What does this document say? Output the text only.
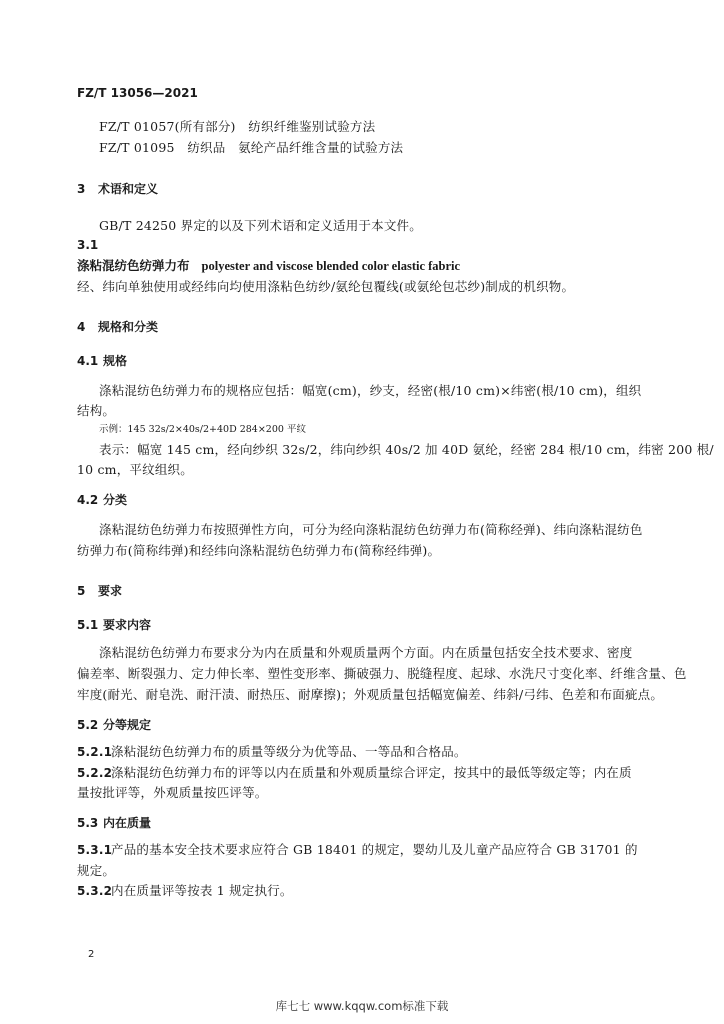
FZ/T 13056—2021
FZ/T 01057(所有部分)　纺织纤维鉴别试验方法
FZ/T 01095　纺织品　氨纶产品纤维含量的试验方法
3 术语和定义
GB/T 24250 界定的以及下列术语和定义适用于本文件。
3.1
涤粘混纺色纺弹力布 polyester and viscose blended color elastic fabric
经、纬向单独使用或经纬向均使用涤粘色纺纱/氨纶包覆线(或氨纶包芯纱)制成的机织物。
4 规格和分类
4.1 规格
涤粘混纺色纺弹力布的规格应包括：幅宽(cm)，纱支，经密(根/10 cm)×纬密(根/10 cm)，组织
结构。
示例：145 32s/2×40s/2+40D 284×200 平纹
表示：幅宽 145 cm，经向纱织 32s/2，纬向纱织 40s/2 加 40D 氨纶，经密 284 根/10 cm，纬密 200 根/
10 cm，平纹组织。
4.2 分类
涤粘混纺色纺弹力布按照弹性方向，可分为经向涤粘混纺色纺弹力布(简称经弹)、纬向涤粘混纺色
纺弹力布(简称纬弹)和经纬向涤粘混纺色纺弹力布(简称经纬弹)。
5 要求
5.1 要求内容
涤粘混纺色纺弹力布要求分为内在质量和外观质量两个方面。内在质量包括安全技术要求、密度
偏差率、断裂强力、定力伸长率、塑性变形率、撕破强力、脱缝程度、起球、水洗尺寸变化率、纤维含量、色
牢度(耐光、耐皂洗、耐汗渍、耐热压、耐摩擦)；外观质量包括幅宽偏差、纬斜/弓纬、色差和布面疵点。
5.2 分等规定
5.2.1涤粘混纺色纺弹力布的质量等级分为优等品、一等品和合格品。
5.2.2涤粘混纺色纺弹力布的评等以内在质量和外观质量综合评定，按其中的最低等级定等；内在质
量按批评等，外观质量按匹评等。
5.3 内在质量
5.3.1产品的基本安全技术要求应符合 GB 18401 的规定，婴幼儿及儿童产品应符合 GB 31701 的
规定。
5.3.2内在质量评等按表 1 规定执行。
2
库七七 www.kqqw.com标准下载
